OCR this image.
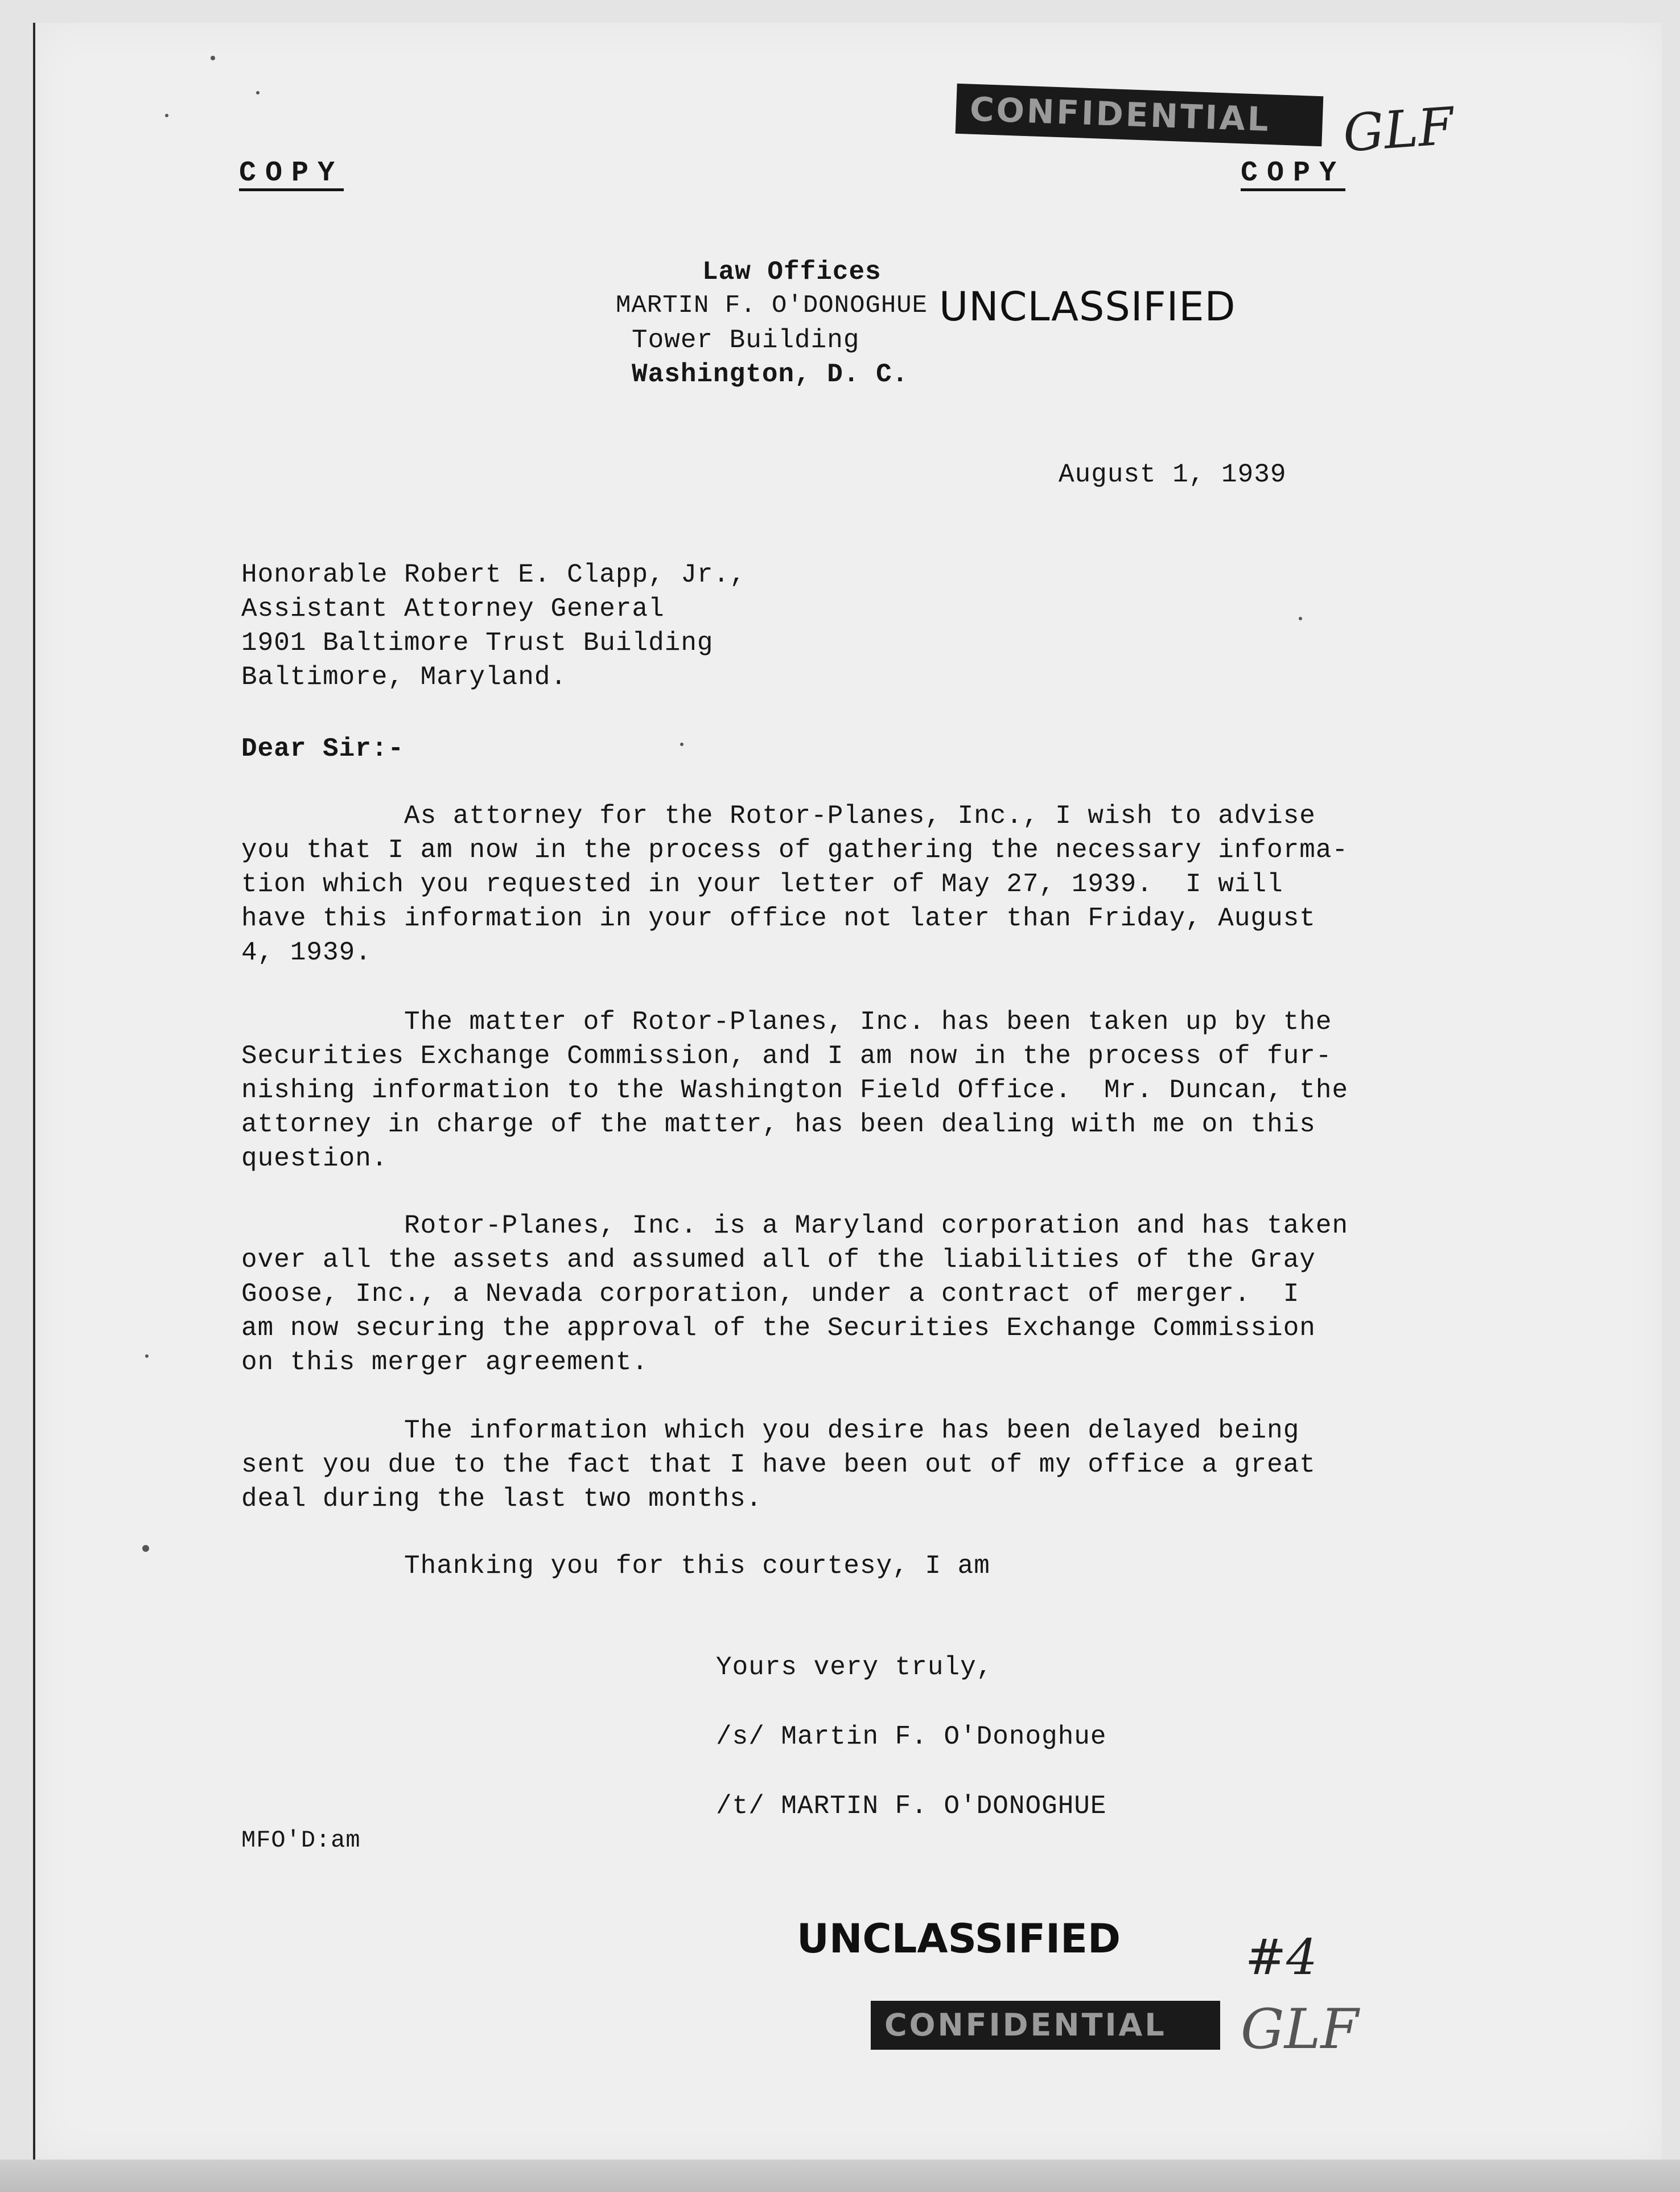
COPY	COPY
CONFIDENTIAL	GLF
Law Offices
MARTIN F. O'DONOGHUE UNCLASSIFIED
Tower Building
Washington, D. C.
August 1, 1939
Honorable Robert E. Clapp, Jr.,
Assistant Attorney General
1901 Baltimore Trust Building
Baltimore, Maryland.
Dear Sir:-
As attorney for the Rotor-Planes, Inc., I wish to advise
you that I am now in the process of gathering the necessary informa-
tion which you requested in your letter of May 27, 1939.  I will
have this information in your office not later than Friday, August
4, 1939.
The matter of Rotor-Planes, Inc. has been taken up by the
Securities Exchange Commission, and I am now in the process of fur-
nishing information to the Washington Field Office.  Mr. Duncan, the
attorney in charge of the matter, has been dealing with me on this
question.
Rotor-Planes, Inc. is a Maryland corporation and has taken
over all the assets and assumed all of the liabilities of the Gray
Goose, Inc., a Nevada corporation, under a contract of merger.  I
am now securing the approval of the Securities Exchange Commission
on this merger agreement.
The information which you desire has been delayed being
sent you due to the fact that I have been out of my office a great
deal during the last two months.
Thanking you for this courtesy, I am
Yours very truly,
/s/ Martin F. O'Donoghue
/t/ MARTIN F. O'DONOGHUE
MFO'D:am
UNCLASSIFIED	#4
CONFIDENTIAL	GLF
